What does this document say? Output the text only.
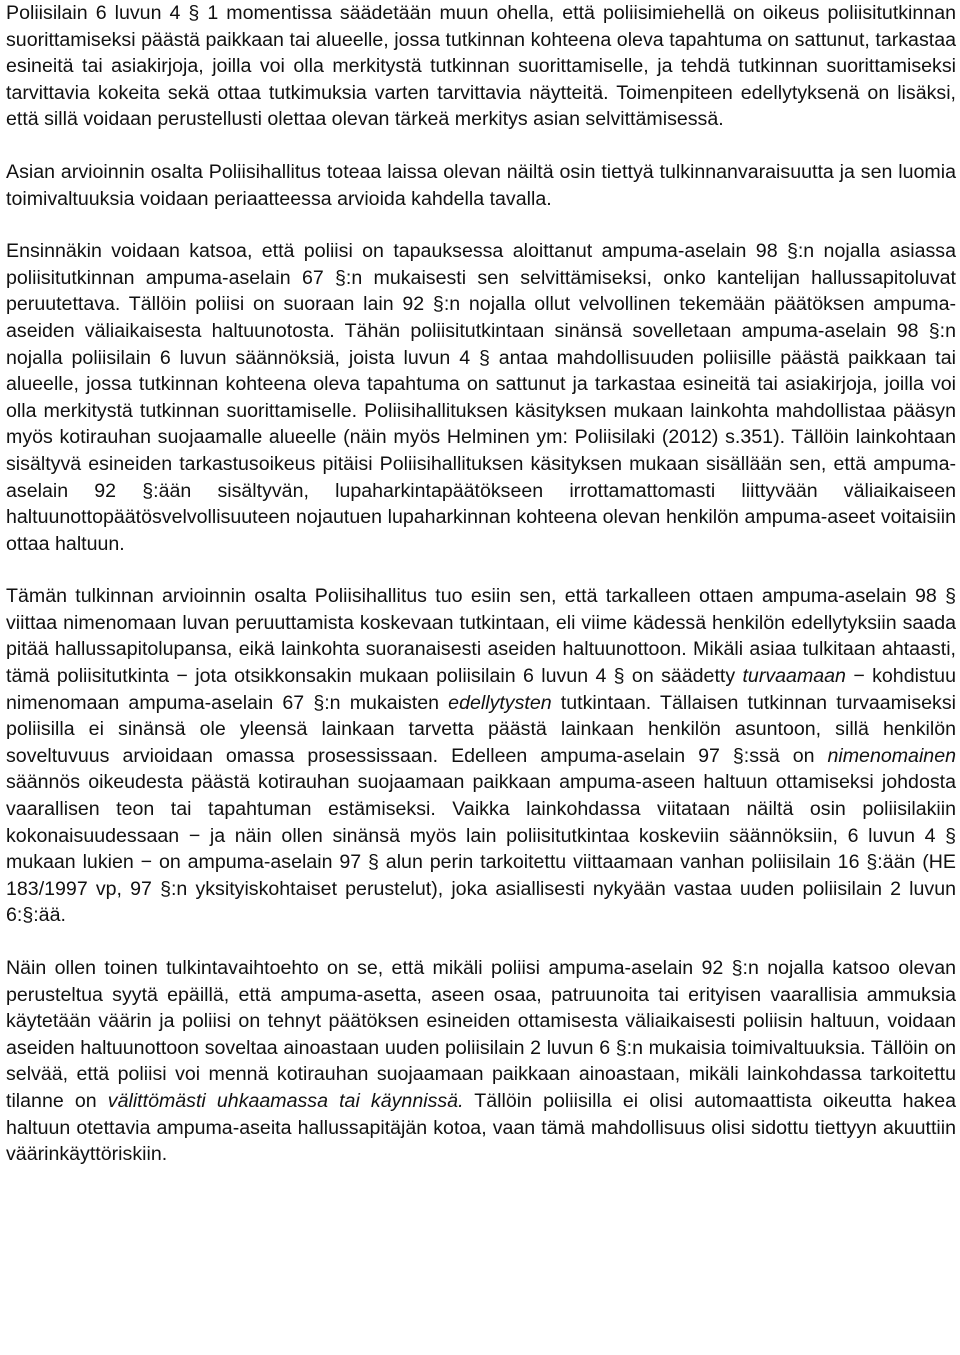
Poliisilain 6 luvun 4 § 1 momentissa säädetään muun ohella, että poliisimiehellä on oikeus poliisitutkinnan suorittamiseksi päästä paikkaan tai alueelle, jossa tutkinnan kohteena oleva tapahtuma on sattunut, tarkastaa esineitä tai asiakirjoja, joilla voi olla merkitystä tutkinnan suorittamiselle, ja tehdä tutkinnan suorittamiseksi tarvittavia kokeita sekä ottaa tutkimuksia varten tarvittavia näytteitä. Toimenpiteen edellytyksenä on lisäksi, että sillä voidaan perustellusti olettaa olevan tärkeä merkitys asian selvittämisessä.

Asian arvioinnin osalta Poliisihallitus toteaa laissa olevan näiltä osin tiettyä tulkinnanvaraisuutta ja sen luomia toimivaltuuksia voidaan periaatteessa arvioida kahdella tavalla.

Ensinnäkin voidaan katsoa, että poliisi on tapauksessa aloittanut ampuma-aselain 98 §:n nojalla asiassa poliisitutkinnan ampuma-aselain 67 §:n mukaisesti sen selvittämiseksi, onko kantelijan hallussapitoluvat peruutettava. Tällöin poliisi on suoraan lain 92 §:n nojalla ollut velvollinen tekemään päätöksen ampuma-aseiden väliaikaisesta haltuunotosta. Tähän poliisitutkintaan sinänsä sovelletaan ampuma-aselain 98 §:n nojalla poliisilain 6 luvun säännöksiä, joista luvun 4 § antaa mahdollisuuden poliisille päästä paikkaan tai alueelle, jossa tutkinnan kohteena oleva tapahtuma on sattunut ja tarkastaa esineitä tai asiakirjoja, joilla voi olla merkitystä tutkinnan suorittamiselle. Poliisihallituksen käsityksen mukaan lainkohta mahdollistaa pääsyn myös kotirauhan suojaamalle alueelle (näin myös Helminen ym: Poliisilaki (2012) s.351). Tällöin lainkohtaan sisältyvä esineiden tarkastusoikeus pitäisi Poliisihallituksen käsityksen mukaan sisällään sen, että ampuma-aselain 92 §:ään sisältyvän, lupaharkintapäätökseen irrottamattomasti liittyvään väliaikaiseen haltuunottopäätösvelvollisuuteen nojautuen lupaharkinnan kohteena olevan henkilön ampuma-aseet voitaisiin ottaa haltuun.

Tämän tulkinnan arvioinnin osalta Poliisihallitus tuo esiin sen, että tarkalleen ottaen ampuma-aselain 98 § viittaa nimenomaan luvan peruuttamista koskevaan tutkintaan, eli viime kädessä henkilön edellytyksiin saada pitää hallussapitolupansa, eikä lainkohta suoranaisesti aseiden haltuunottoon. Mikäli asiaa tulkitaan ahtaasti, tämä poliisitutkinta − jota otsikkonsakin mukaan poliisilain 6 luvun 4 § on säädetty turvaamaan − kohdistuu nimenomaan ampuma-aselain 67 §:n mukaisten edellytysten tutkintaan. Tällaisen tutkinnan turvaamiseksi poliisilla ei sinänsä ole yleensä lainkaan tarvetta päästä lainkaan henkilön asuntoon, sillä henkilön soveltuvuus arvioidaan omassa prosessissaan. Edelleen ampuma-aselain 97 §:ssä on nimenomainen säännös oikeudesta päästä kotirauhan suojaamaan paikkaan ampuma-aseen haltuun ottamiseksi johdosta vaarallisen teon tai tapahtuman estämiseksi. Vaikka lainkohdassa viitataan näiltä osin poliisilakiin kokonaisuudessaan − ja näin ollen sinänsä myös lain poliisitutkintaa koskeviin säännöksiin, 6 luvun 4 § mukaan lukien − on ampuma-aselain 97 § alun perin tarkoitettu viittaamaan vanhan poliisilain 16 §:ään (HE 183/1997 vp, 97 §:n yksityiskohtaiset perustelut), joka asiallisesti nykyään vastaa uuden poliisilain 2 luvun 6:§:ää.

Näin ollen toinen tulkintavaihtoehto on se, että mikäli poliisi ampuma-aselain 92 §:n nojalla katsoo olevan perusteltua syytä epäillä, että ampuma-asetta, aseen osaa, patruunoita tai erityisen vaarallisia ammuksia käytetään väärin ja poliisi on tehnyt päätöksen esineiden ottamisesta väliaikaisesti poliisin haltuun, voidaan aseiden haltuunottoon soveltaa ainoastaan uuden poliisilain 2 luvun 6 §:n mukaisia toimivaltuuksia. Tällöin on selvää, että poliisi voi mennä kotirauhan suojaamaan paikkaan ainoastaan, mikäli lainkohdassa tarkoitettu tilanne on välittömästi uhkaamassa tai käynnissä. Tällöin poliisilla ei olisi automaattista oikeutta hakea haltuun otettavia ampuma-aseita hallussapitäjän kotoa, vaan tämä mahdollisuus olisi sidottu tiettyyn akuuttiin väärinkäyttöriskiin.
